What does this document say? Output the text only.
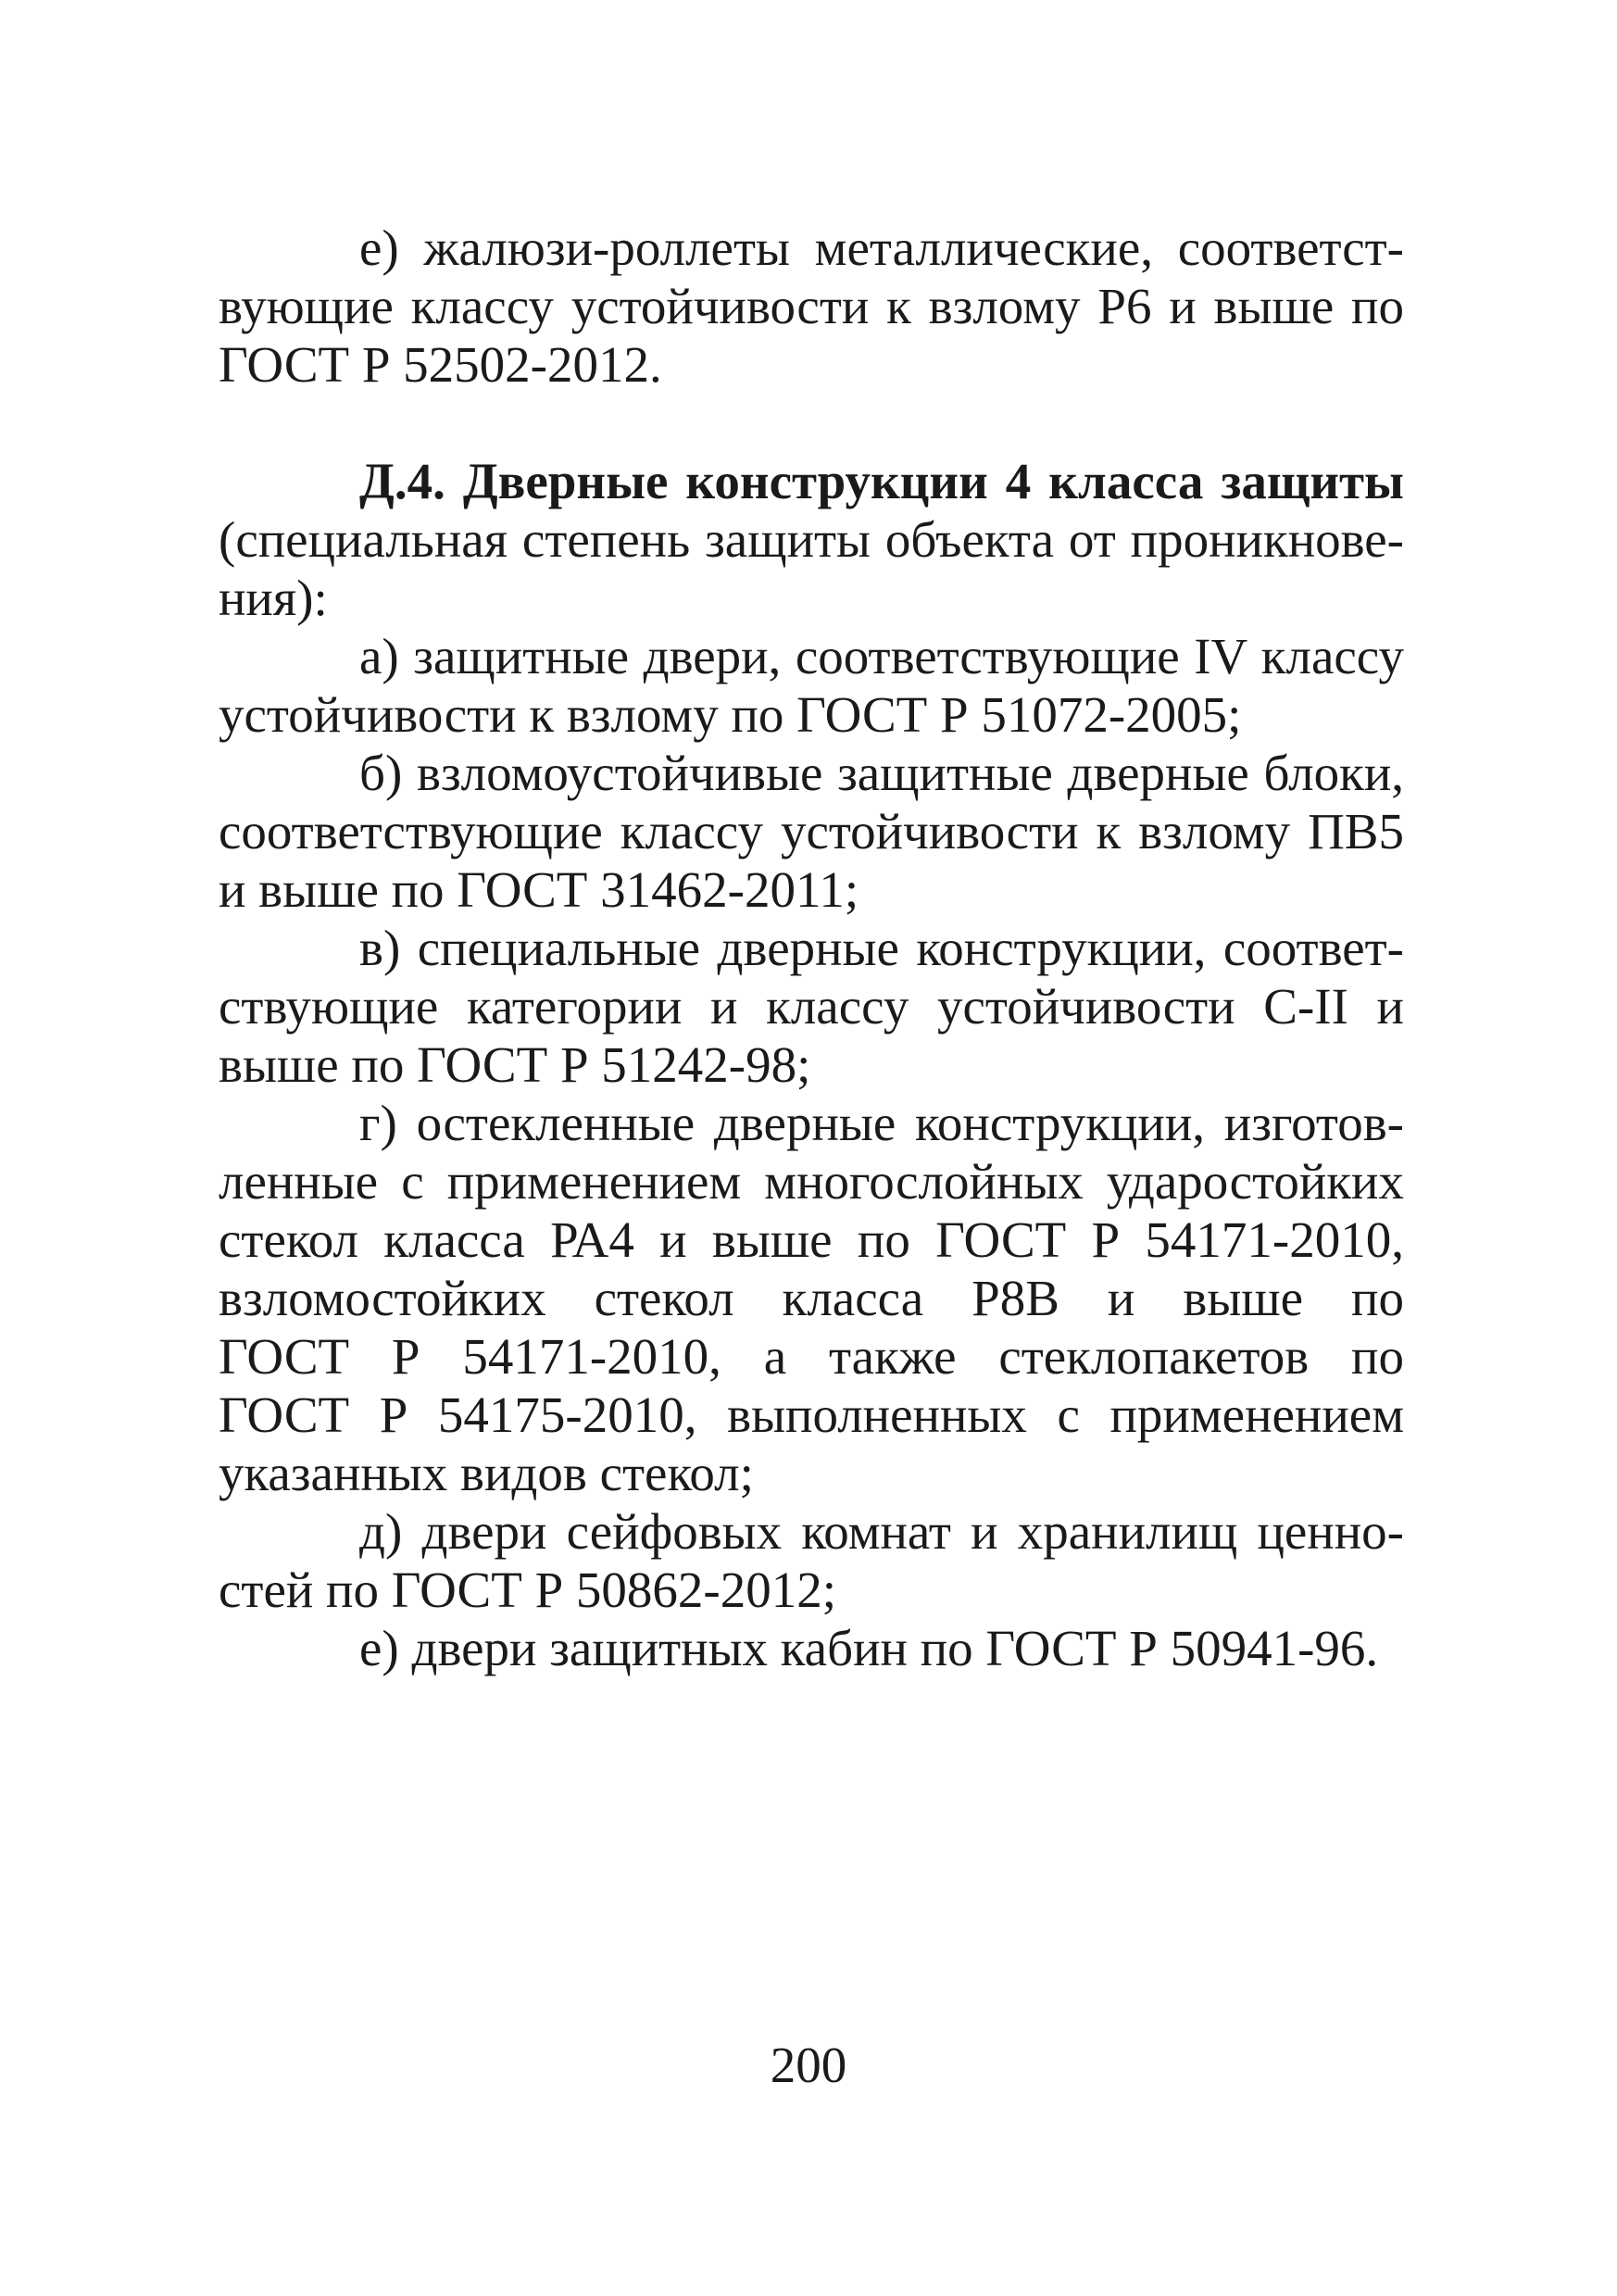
е) жалюзи-роллеты металлические, соответст-
вующие классу устойчивости к взлому Р6 и выше по
ГОСТ Р 52502-2012.
Д.4. Дверные конструкции 4 класса защиты
(специальная степень защиты объекта от проникнове-
ния):
а) защитные двери, соответствующие IV классу
устойчивости к взлому по ГОСТ Р 51072-2005;
б) взломоустойчивые защитные дверные блоки,
соответствующие классу устойчивости к взлому ПВ5
и выше по ГОСТ 31462-2011;
в) специальные дверные конструкции, соответ-
ствующие категории и классу устойчивости С-II и
выше по ГОСТ Р 51242-98;
г) остекленные дверные конструкции, изготов-
ленные с применением многослойных ударостойких
стекол класса РА4 и выше по ГОСТ Р 54171-2010,
взломостойких стекол класса Р8В и выше по
ГОСТ Р 54171-2010, а также стеклопакетов по
ГОСТ Р 54175-2010, выполненных с применением
указанных видов стекол;
д) двери сейфовых комнат и хранилищ ценно-
стей по ГОСТ Р 50862-2012;
е) двери защитных кабин по ГОСТ Р 50941-96.
200
